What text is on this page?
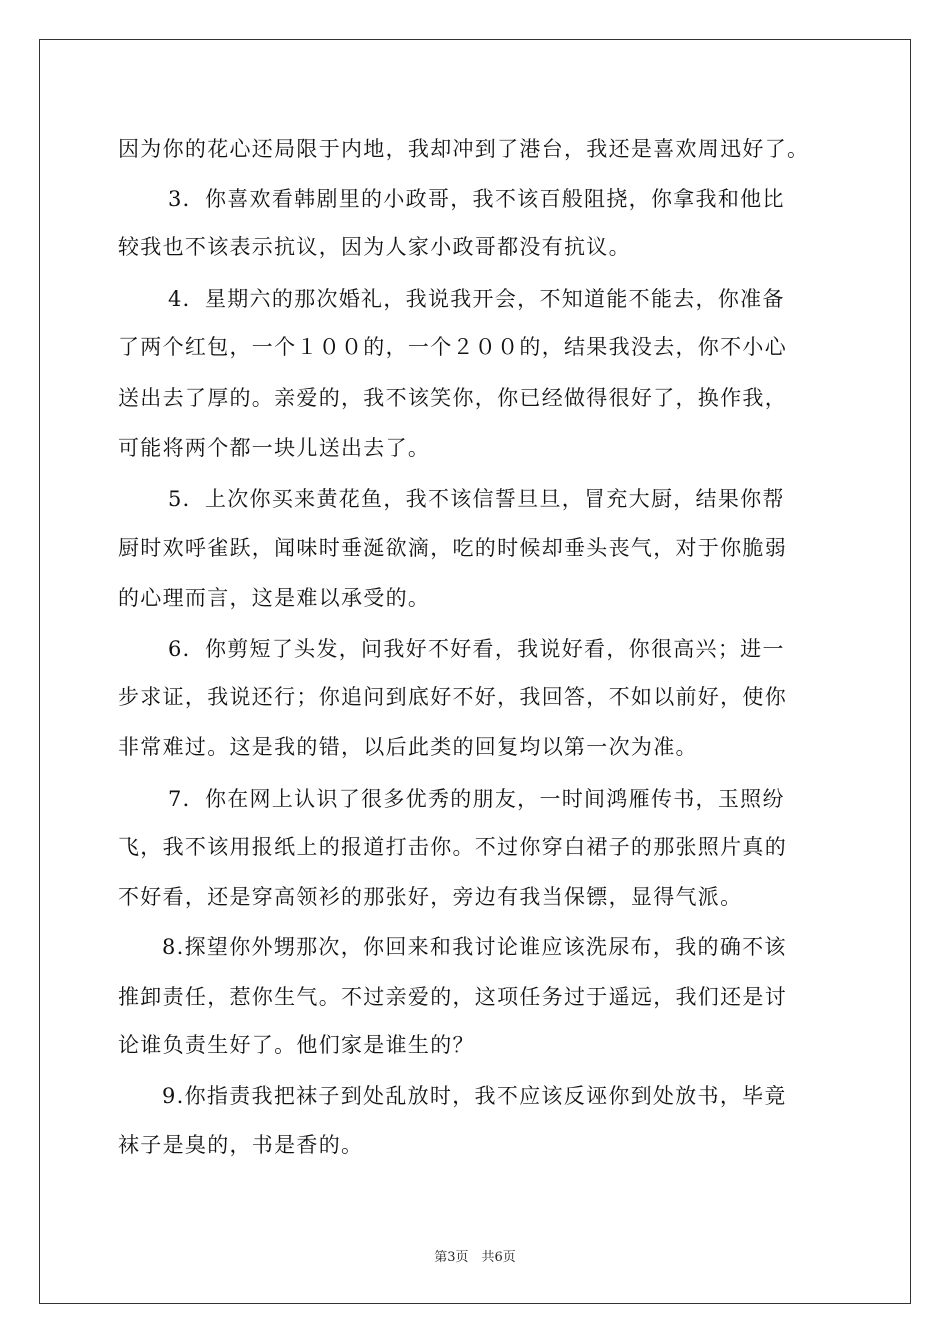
因为你的花心还局限于内地，我却冲到了港台，我还是喜欢周迅好了。
3．你喜欢看韩剧里的小政哥，我不该百般阻挠，你拿我和他比
较我也不该表示抗议，因为人家小政哥都没有抗议。
4．星期六的那次婚礼，我说我开会，不知道能不能去，你准备
了两个红包，一个１００的，一个２００的，结果我没去，你不小心
送出去了厚的。亲爱的，我不该笑你，你已经做得很好了，换作我，
可能将两个都一块儿送出去了。
5．上次你买来黄花鱼，我不该信誓旦旦，冒充大厨，结果你帮
厨时欢呼雀跃，闻味时垂涎欲滴，吃的时候却垂头丧气，对于你脆弱
的心理而言，这是难以承受的。
6．你剪短了头发，问我好不好看，我说好看，你很高兴；进一
步求证，我说还行；你追问到底好不好，我回答，不如以前好，使你
非常难过。这是我的错，以后此类的回复均以第一次为准。
7．你在网上认识了很多优秀的朋友，一时间鸿雁传书，玉照纷
飞，我不该用报纸上的报道打击你。不过你穿白裙子的那张照片真的
不好看，还是穿高领衫的那张好，旁边有我当保镖，显得气派。
8.探望你外甥那次，你回来和我讨论谁应该洗尿布，我的确不该
推卸责任，惹你生气。不过亲爱的，这项任务过于遥远，我们还是讨
论谁负责生好了。他们家是谁生的？
9.你指责我把袜子到处乱放时，我不应该反诬你到处放书，毕竟
袜子是臭的，书是香的。
第3页　共6页
